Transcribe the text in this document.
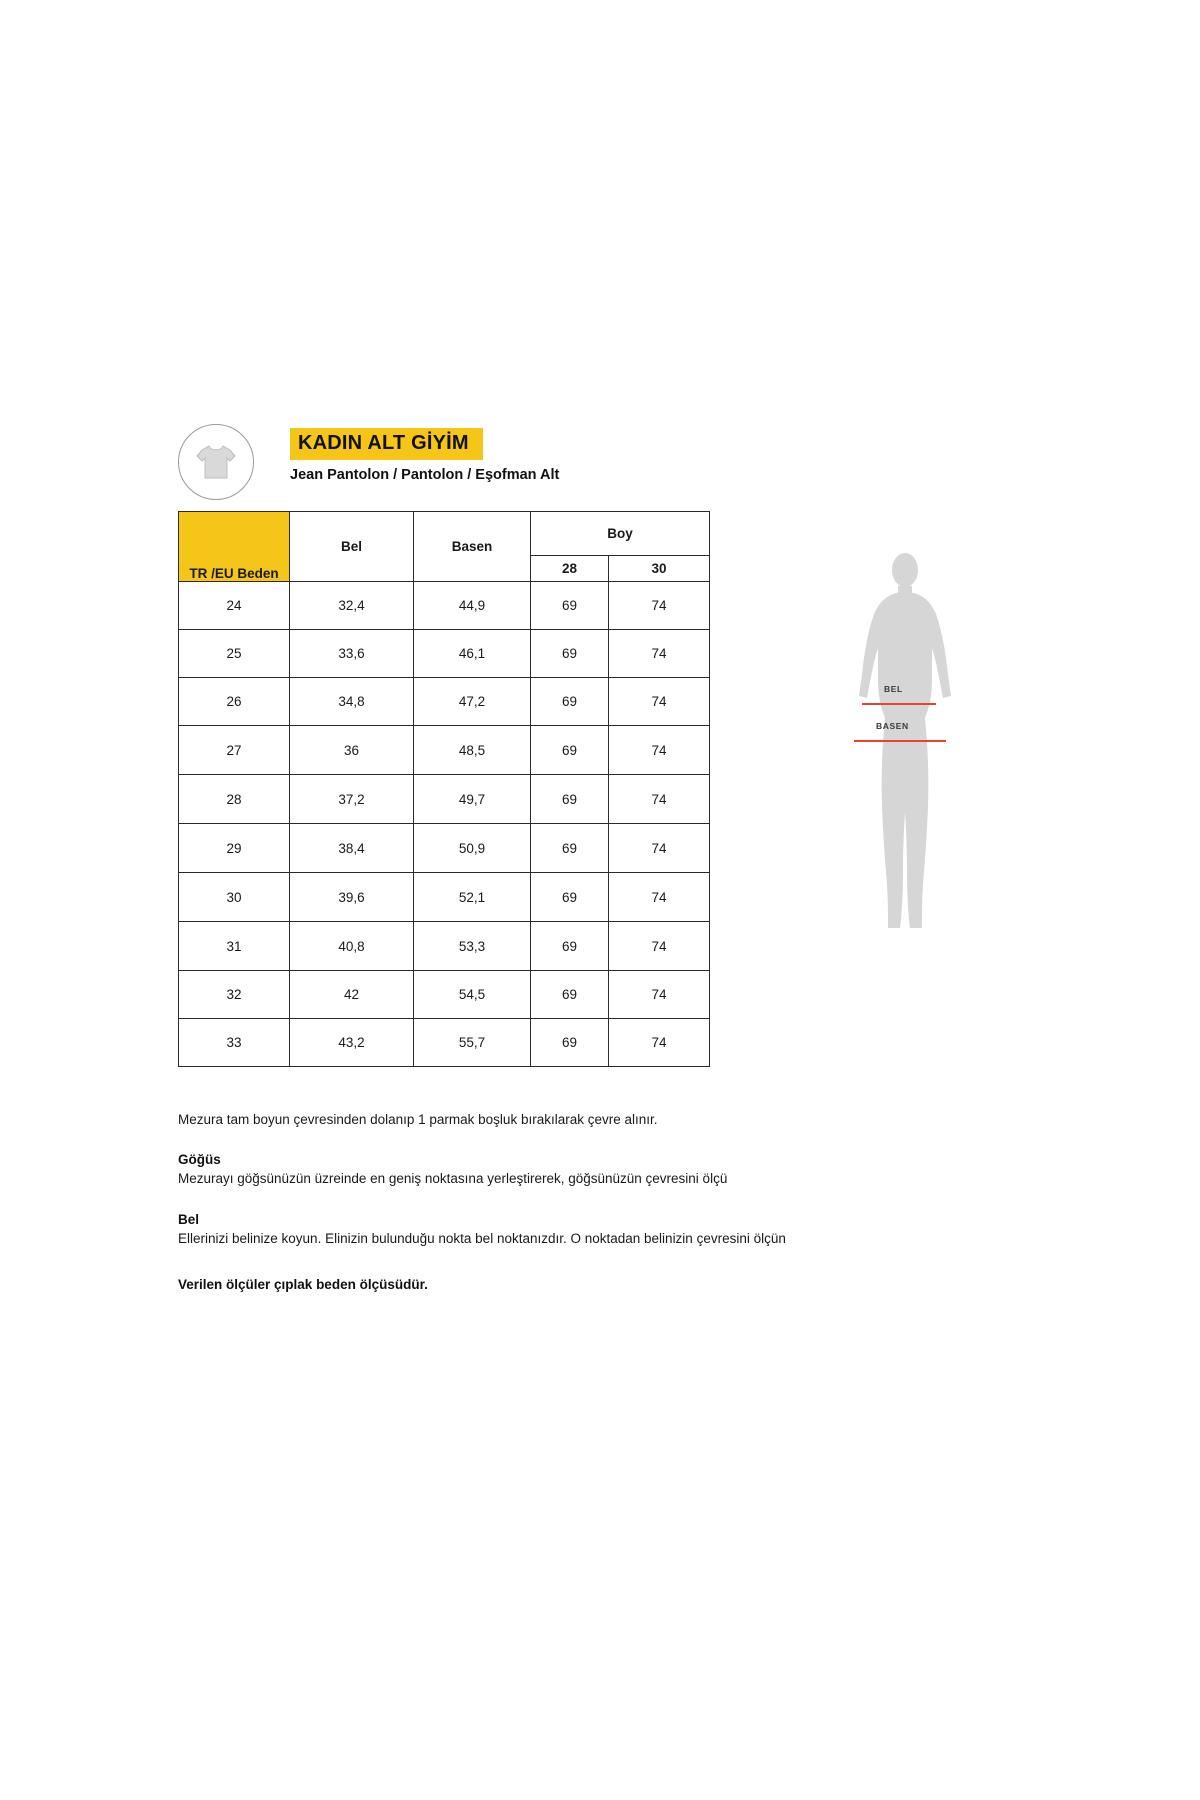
KADIN ALT GİYİM
Jean Pantolon / Pantolon / Eşofman Alt
TR /EU Beden	Bel	Basen	Boy	
			28	30
24	32,4	44,9	69	74
25	33,6	46,1	69	74
26	34,8	47,2	69	74
27	36	48,5	69	74
28	37,2	49,7	69	74
29	38,4	50,9	69	74
30	39,6	52,1	69	74
31	40,8	53,3	69	74
32	42	54,5	69	74
33	43,2	55,7	69	74
BEL
BASEN
Mezura tam boyun çevresinden dolanıp 1 parmak boşluk bırakılarak çevre alınır.
Göğüs
Mezurayı göğsünüzün üzreinde en geniş noktasına yerleştirerek, göğsünüzün çevresini ölçü
Bel
Ellerinizi belinize koyun. Elinizin bulunduğu nokta bel noktanızdır. O noktadan belinizin çevresini ölçün
Verilen ölçüler çıplak beden ölçüsüdür.
